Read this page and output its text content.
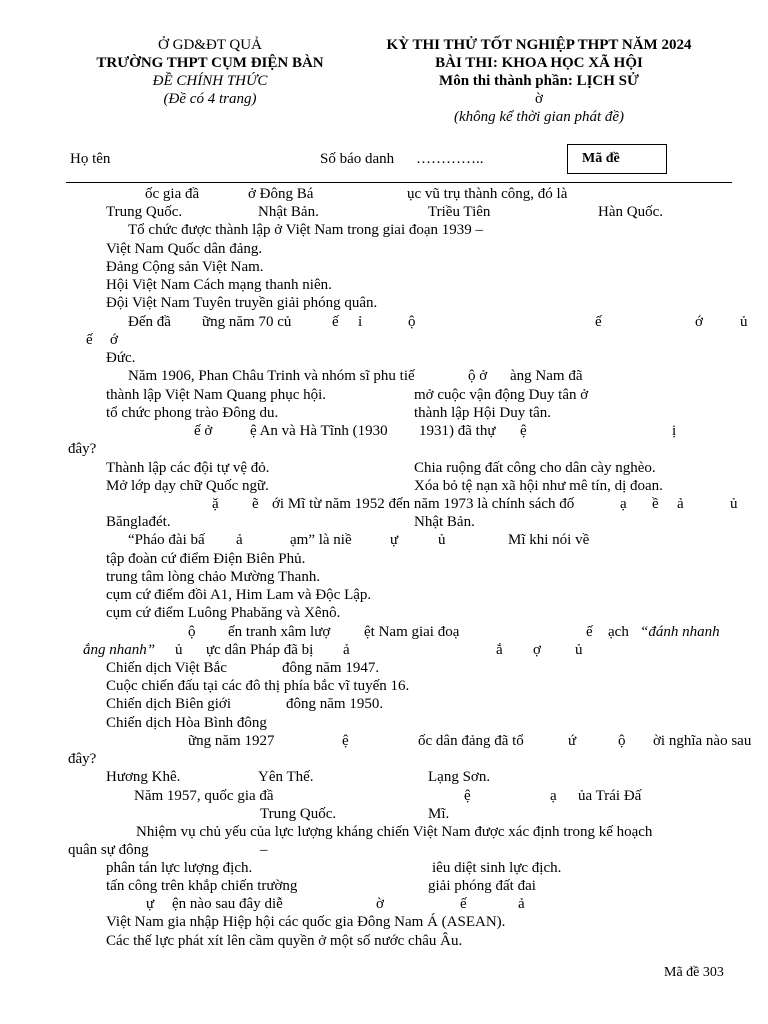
Ở GD&ĐT QUẢ
TRƯỜNG THPT CỤM ĐIỆN BÀN
ĐỀ CHÍNH THỨC
(Đề có 4 trang)
KỲ THI THỬ TỐT NGHIỆP THPT NĂM 2024
BÀI THI: KHOA HỌC XÃ HỘI
Môn thi thành phần: LỊCH SỬ
ờ
(không kể thời gian phát đề)
Họ tên	Số báo danh …………..	Mã đề
ốc gia đầ	ở Đông Bá	ục vũ trụ thành công, đó là
Trung Quốc.	Nhật Bản.	Triều Tiên	Hàn Quốc.
Tổ chức được thành lập ở Việt Nam trong giai đoạn 1939 –
Việt Nam Quốc dân đảng.
Đảng Cộng sản Việt Nam.
Hội Việt Nam Cách mạng thanh niên.
Đội Việt Nam Tuyên truyền giải phóng quân.
Đến đầ ững năm 70 củ	ế ỉ	ộ	ế	ớ ủ
ế ớ
Đức.
Năm 1906, Phan Châu Trinh và nhóm sĩ phu tiế	ộ ở àng Nam đã
thành lập Việt Nam Quang phục hội.	mở cuộc vận động Duy tân ở
tổ chức phong trào Đông du.	thành lập Hội Duy tân.
ế ở	ệ An và Hà Tĩnh (1930 1931) đã thự ệ	ị
đây?
Thành lập các đội tự vệ đỏ.	Chia ruộng đất công cho dân cày nghèo.
Mở lớp dạy chữ Quốc ngữ.	Xóa bỏ tệ nạn xã hội như mê tín, dị đoan.
ặ ẽ ới Mĩ từ năm 1952 đến năm 1973 là chính sách đố	ạ ề ả	ủ
Bănglađét.	Nhật Bản.
“Pháo đài bấ ả	ạm” là niề	ự	ủ	Mĩ khi nói về
tập đoàn cứ điểm Điện Biên Phủ.
trung tâm lòng chảo Mường Thanh.
cụm cứ điểm đồi A1, Him Lam và Độc Lập.
cụm cứ điểm Luông Phabăng và Xênô.
ộ ến tranh xâm lượ ệt Nam giai đoạ	ế ạch “đánh nhanh
ắng nhanh” ủ ực dân Pháp đã bị ả	ắ ợ ủ
Chiến dịch Việt Bắc	đông năm 1947.
Cuộc chiến đấu tại các đô thị phía bắc vĩ tuyến 16.
Chiến dịch Biên giới	đông năm 1950.
Chiến dịch Hòa Bình đông
ững năm 1927	ệ	ốc dân đảng đã tổ	ứ	ộ ời nghĩa nào sau
đây?
Hương Khê.	Yên Thế.	Lạng Sơn.
Năm 1957, quốc gia đầ	ệ	ạ ủa Trái Đấ
Trung Quốc.	Mĩ.
Nhiệm vụ chủ yếu của lực lượng kháng chiến Việt Nam được xác định trong kế hoạch
quân sự đông	–
phân tán lực lượng địch.	iêu diệt sinh lực địch.
tấn công trên khắp chiến trường	giải phóng đất đai
ự ện nào sau đây diễ	ờ	ế	ả
Việt Nam gia nhập Hiệp hội các quốc gia Đông Nam Á (ASEAN).
Các thế lực phát xít lên cầm quyền ở một số nước châu Âu.
Mã đề 303
